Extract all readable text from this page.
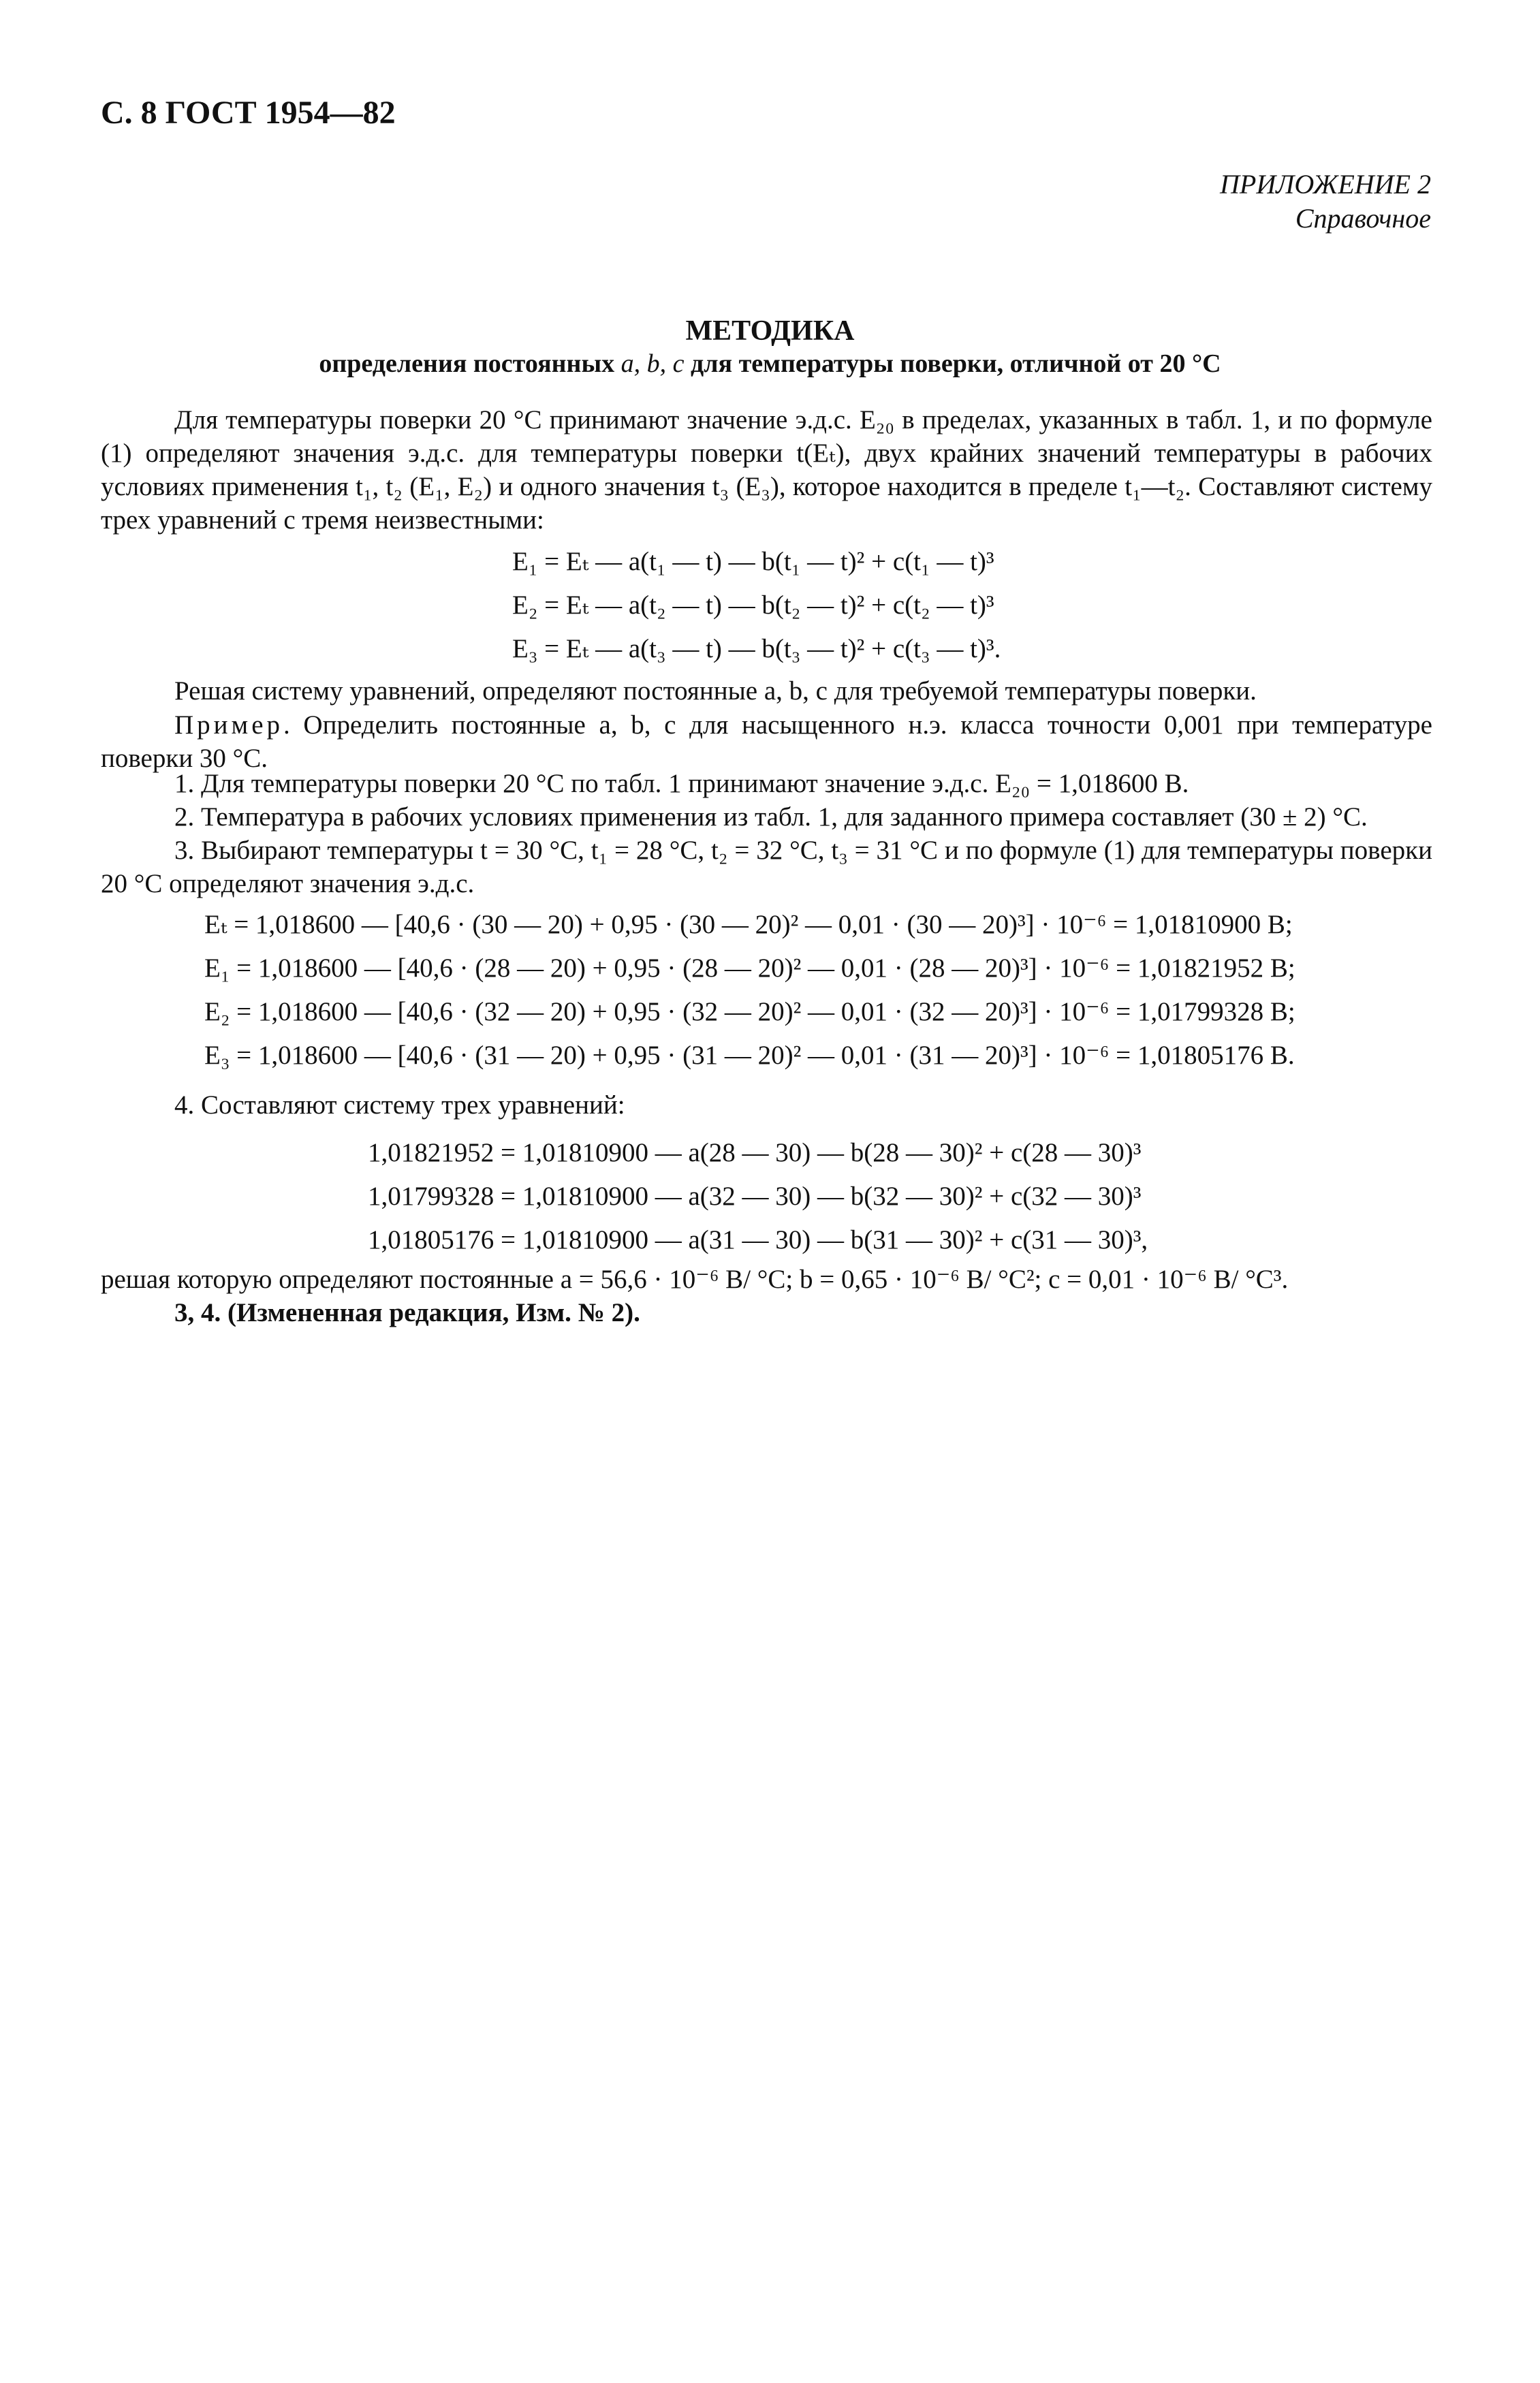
С. 8 ГОСТ 1954—82
ПРИЛОЖЕНИЕ 2
Справочное
МЕТОДИКА
определения постоянных a, b, c для температуры поверки, отличной от 20 °С
Для температуры поверки 20 °С принимают значение э.д.с. E₂₀ в пределах, указанных в табл. 1, и по формуле (1) определяют значения э.д.с. для температуры поверки t(Eₜ), двух крайних значений температуры в рабочих условиях применения t₁, t₂ (E₁, E₂) и одного значения t₃ (E₃), которое находится в пределе t₁—t₂. Составляют систему трех уравнений с тремя неизвестными:
E₁ = Eₜ — a(t₁ — t) — b(t₁ — t)² + c(t₁ — t)³
E₂ = Eₜ — a(t₂ — t) — b(t₂ — t)² + c(t₂ — t)³
E₃ = Eₜ — a(t₃ — t) — b(t₃ — t)² + c(t₃ — t)³.
Решая систему уравнений, определяют постоянные a, b, c для требуемой температуры поверки.
Пример. Определить постоянные a, b, c для насыщенного н.э. класса точности 0,001 при температуре поверки 30 °С.
1. Для температуры поверки 20 °С по табл. 1 принимают значение э.д.с. E₂₀ = 1,018600 В.
2. Температура в рабочих условиях применения из табл. 1, для заданного примера составляет (30 ± 2) °С.
3. Выбирают температуры t = 30 °С, t₁ = 28 °С, t₂ = 32 °С, t₃ = 31 °С и по формуле (1) для температуры поверки 20 °С определяют значения э.д.с.
Eₜ = 1,018600 — [40,6 · (30 — 20) + 0,95 · (30 — 20)² — 0,01 · (30 — 20)³] · 10⁻⁶ = 1,01810900 В;
E₁ = 1,018600 — [40,6 · (28 — 20) + 0,95 · (28 — 20)² — 0,01 · (28 — 20)³] · 10⁻⁶ = 1,01821952 В;
E₂ = 1,018600 — [40,6 · (32 — 20) + 0,95 · (32 — 20)² — 0,01 · (32 — 20)³] · 10⁻⁶ = 1,01799328 В;
E₃ = 1,018600 — [40,6 · (31 — 20) + 0,95 · (31 — 20)² — 0,01 · (31 — 20)³] · 10⁻⁶ = 1,01805176 В.
4. Составляют систему трех уравнений:
1,01821952 = 1,01810900 — a(28 — 30) — b(28 — 30)² + c(28 — 30)³
1,01799328 = 1,01810900 — a(32 — 30) — b(32 — 30)² + c(32 — 30)³
1,01805176 = 1,01810900 — a(31 — 30) — b(31 — 30)² + c(31 — 30)³,
решая которую определяют постоянные a = 56,6 · 10⁻⁶ В/ °С; b = 0,65 · 10⁻⁶ В/ °С²; c = 0,01 · 10⁻⁶ В/ °С³.
3, 4. (Измененная редакция, Изм. № 2).
